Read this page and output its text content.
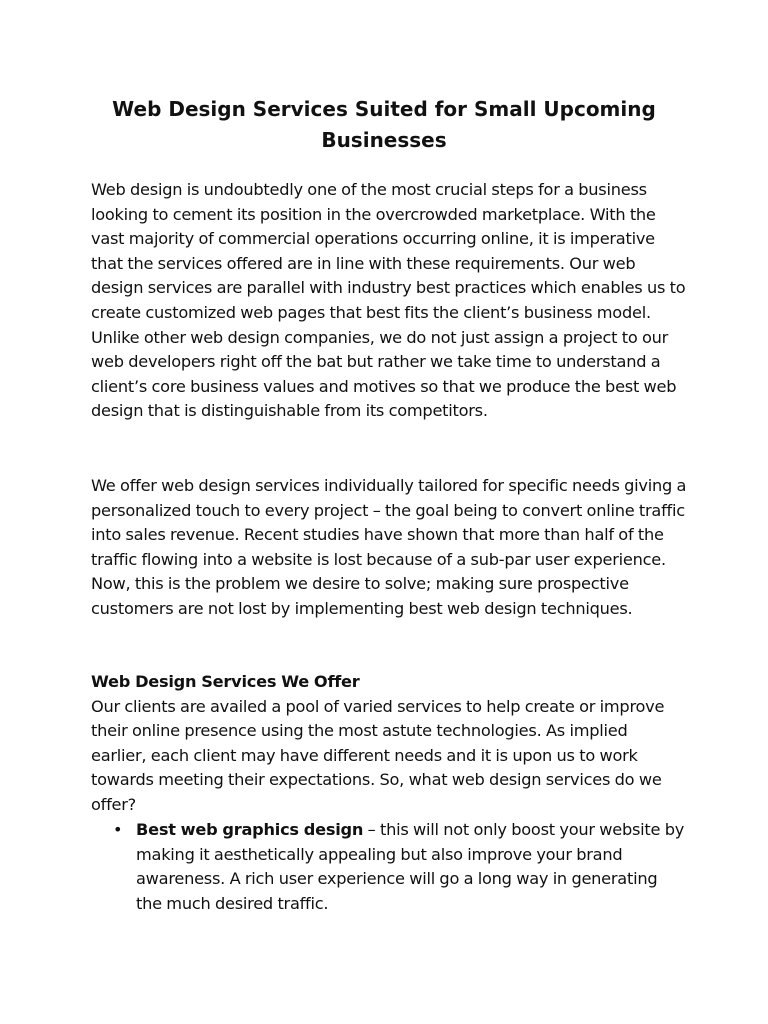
Web Design Services Suited for Small Upcoming Businesses

Web design is undoubtedly one of the most crucial steps for a business looking to cement its position in the overcrowded marketplace. With the vast majority of commercial operations occurring online, it is imperative that the services offered are in line with these requirements. Our web design services are parallel with industry best practices which enables us to create customized web pages that best fits the client’s business model. Unlike other web design companies, we do not just assign a project to our web developers right off the bat but rather we take time to understand a client’s core business values and motives so that we produce the best web design that is distinguishable from its competitors.

We offer web design services individually tailored for specific needs giving a personalized touch to every project – the goal being to convert online traffic into sales revenue. Recent studies have shown that more than half of the traffic flowing into a website is lost because of a sub-par user experience. Now, this is the problem we desire to solve; making sure prospective customers are not lost by implementing best web design techniques.

Web Design Services We Offer
Our clients are availed a pool of varied services to help create or improve their online presence using the most astute technologies. As implied earlier, each client may have different needs and it is upon us to work towards meeting their expectations. So, what web design services do we offer?
• Best web graphics design – this will not only boost your website by making it aesthetically appealing but also improve your brand awareness. A rich user experience will go a long way in generating the much desired traffic.
